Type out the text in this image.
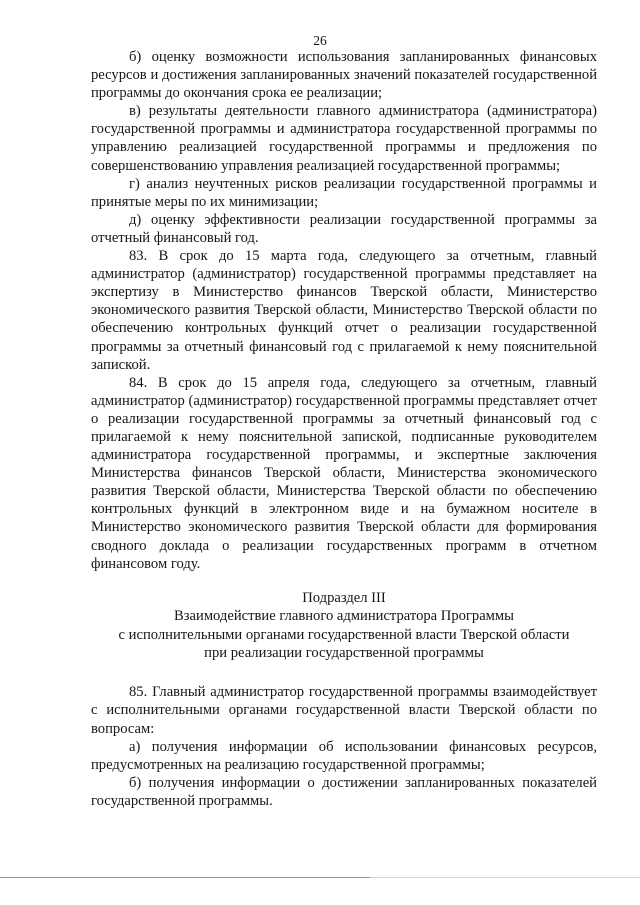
26

б) оценку возможности использования запланированных финансовых ресурсов и достижения запланированных значений показателей государственной программы до окончания срока ее реализации;

в) результаты деятельности главного администратора (администратора) государственной программы и администратора государственной программы по управлению реализацией государственной программы и предложения по совершенствованию управления реализацией государственной программы;

г) анализ неучтенных рисков реализации государственной программы и принятые меры по их минимизации;

д) оценку эффективности реализации государственной программы за отчетный финансовый год.

83. В срок до 15 марта года, следующего за отчетным, главный администратор (администратор) государственной программы представляет на экспертизу в Министерство финансов Тверской области, Министерство экономического развития Тверской области, Министерство Тверской области по обеспечению контрольных функций отчет о реализации государственной программы за отчетный финансовый год с прилагаемой к нему пояснительной запиской.

84. В срок до 15 апреля года, следующего за отчетным, главный администратор (администратор) государственной программы представляет отчет о реализации государственной программы за отчетный финансовый год с прилагаемой к нему пояснительной запиской, подписанные руководителем администратора государственной программы, и экспертные заключения Министерства финансов Тверской области, Министерства экономического развития Тверской области, Министерства Тверской области по обеспечению контрольных функций в электронном виде и на бумажном носителе в Министерство экономического развития Тверской области для формирования сводного доклада о реализации государственных программ в отчетном финансовом году.

Подраздел III
Взаимодействие главного администратора Программы
с исполнительными органами государственной власти Тверской области
при реализации государственной программы

85. Главный администратор государственной программы взаимодействует с исполнительными органами государственной власти Тверской области по вопросам:

а) получения информации об использовании финансовых ресурсов, предусмотренных на реализацию государственной программы;

б) получения информации о достижении запланированных показателей государственной программы.
